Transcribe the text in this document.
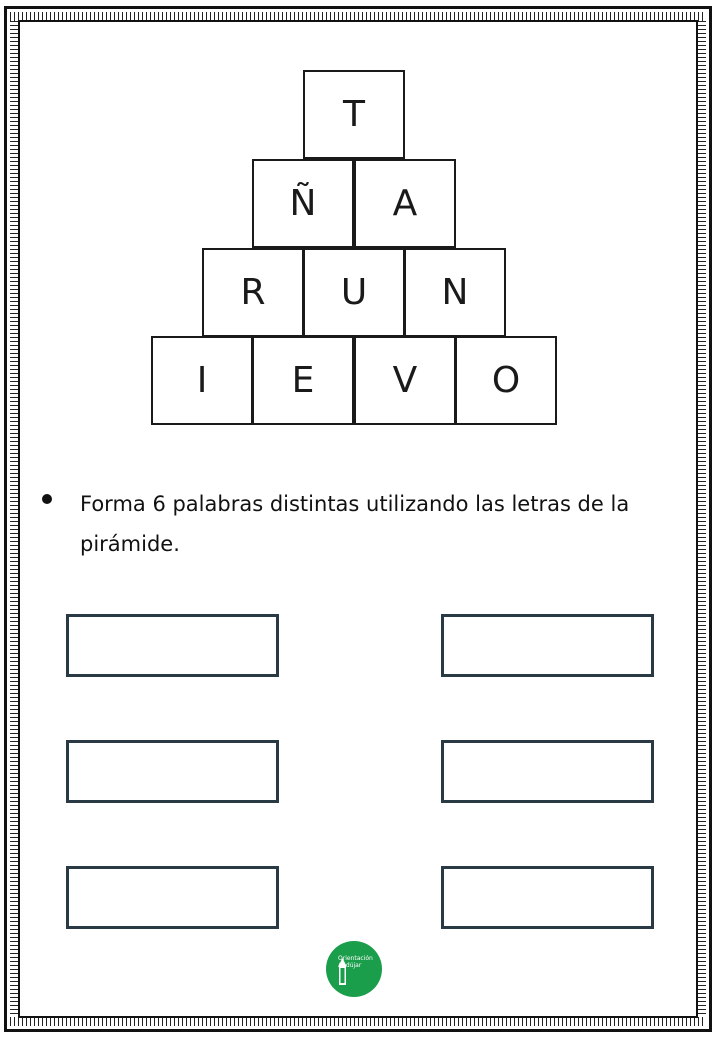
T
Ñ	A
R	U	N
I	E	V	O
Forma 6 palabras distintas utilizando las letras de la pirámide.
Orientación
Andújar
